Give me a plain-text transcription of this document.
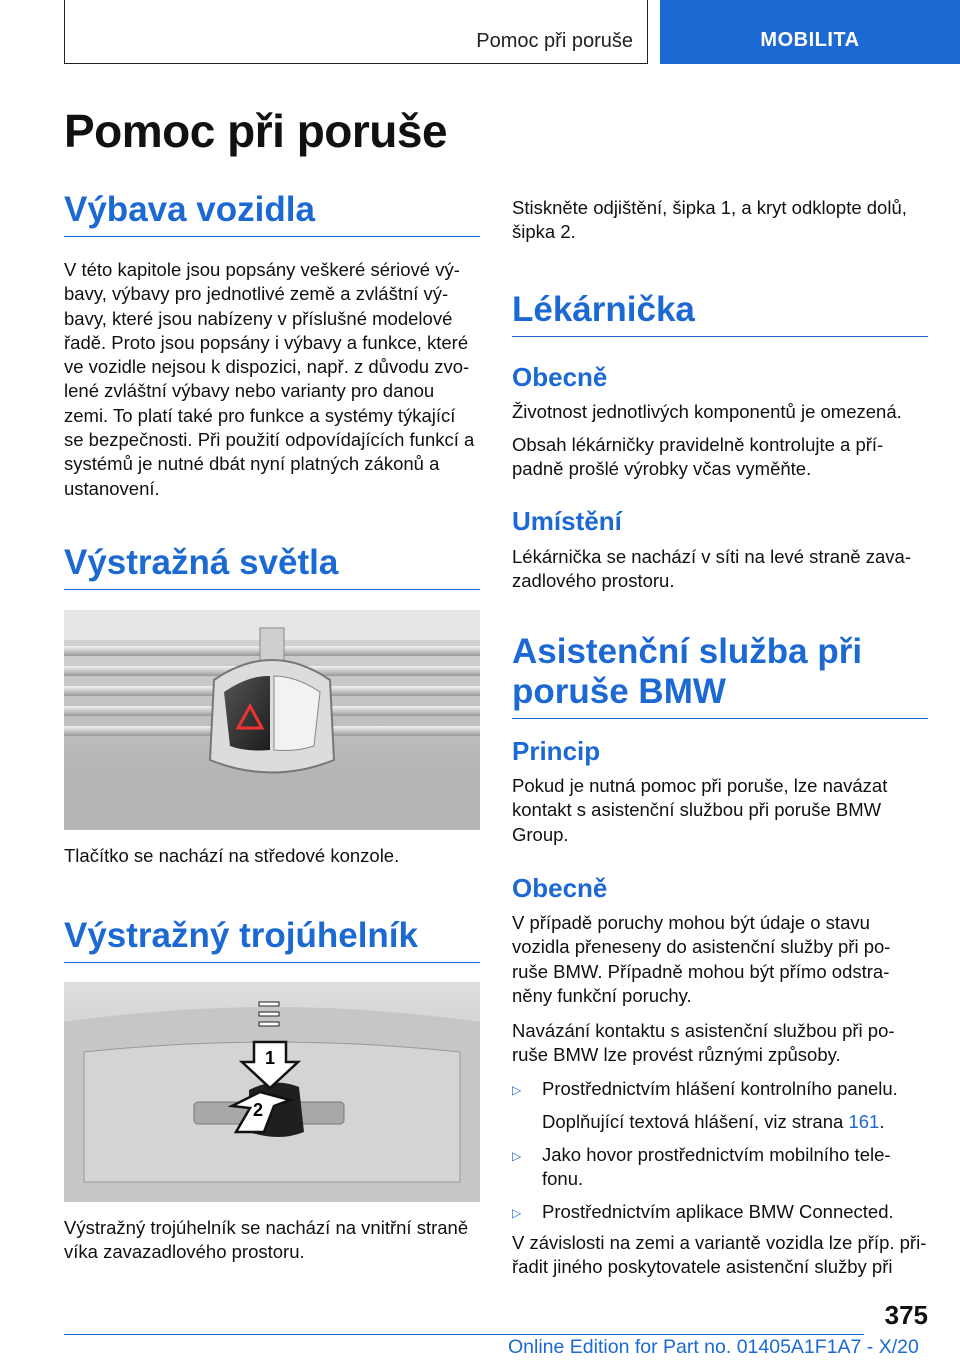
Pomoc při poruše	MOBILITA
Pomoc při poruše
Výbava vozidla
V této kapitole jsou popsány veškeré sériové vý-
bavy, výbavy pro jednotlivé země a zvláštní vý-
bavy, které jsou nabízeny v příslušné modelové
řadě. Proto jsou popsány i výbavy a funkce, které
ve vozidle nejsou k dispozici, např. z důvodu zvo-
lené zvláštní výbavy nebo varianty pro danou
zemi. To platí také pro funkce a systémy týkající
se bezpečnosti. Při použití odpovídajících funkcí a
systémů je nutné dbát nyní platných zákonů a
ustanovení.
Výstražná světla
Tlačítko se nachází na středové konzole.
Výstražný trojúhelník
1
2
Výstražný trojúhelník se nachází na vnitřní straně
víka zavazadlového prostoru.
Stiskněte odjištění, šipka 1, a kryt odklopte dolů,
šipka 2.
Lékárnička
Obecně
Životnost jednotlivých komponentů je omezená.
Obsah lékárničky pravidelně kontrolujte a pří-
padně prošlé výrobky včas vyměňte.
Umístění
Lékárnička se nachází v síti na levé straně zava-
zadlového prostoru.
Asistenční služba při
poruše BMW
Princip
Pokud je nutná pomoc při poruše, lze navázat
kontakt s asistenční službou při poruše BMW
Group.
Obecně
V případě poruchy mohou být údaje o stavu
vozidla přeneseny do asistenční služby při po-
ruše BMW. Případně mohou být přímo odstra-
něny funkční poruchy.
Navázání kontaktu s asistenční službou při po-
ruše BMW lze provést různými způsoby.
▷ Prostřednictvím hlášení kontrolního panelu.
Doplňující textová hlášení, viz strana 161.
▷ Jako hovor prostřednictvím mobilního tele-
fonu.
▷ Prostřednictvím aplikace BMW Connected.
V závislosti na zemi a variantě vozidla lze příp. při-
řadit jiného poskytovatele asistenční služby při
375
Online Edition for Part no. 01405A1F1A7 - X/20
